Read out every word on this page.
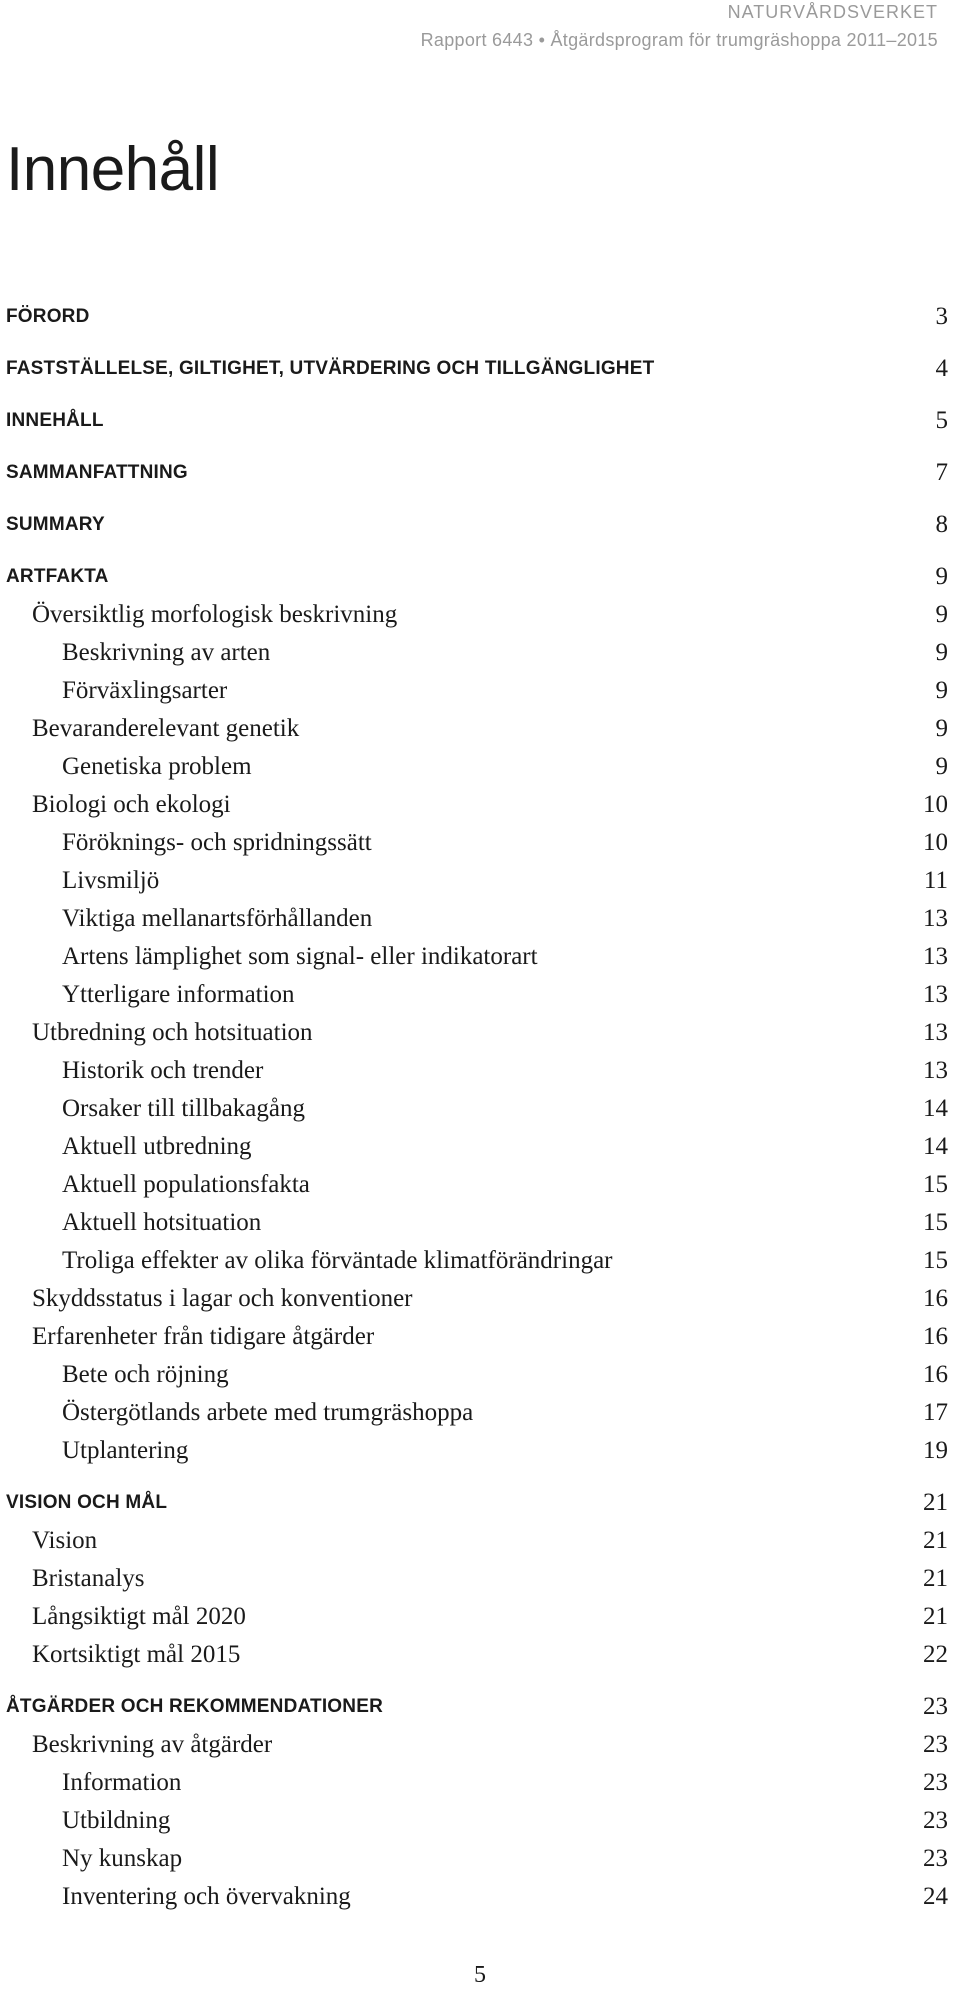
NATURVÅRDSVERKET
Rapport 6443 • Åtgärdsprogram för trumgräshoppa 2011–2015
Innehåll
FÖRORD	3
FASTSTÄLLELSE, GILTIGHET, UTVÄRDERING OCH TILLGÄNGLIGHET	4
INNEHÅLL	5
SAMMANFATTNING	7
SUMMARY	8
ARTFAKTA	9
Översiktlig morfologisk beskrivning	9
Beskrivning av arten	9
Förväxlingsarter	9
Bevaranderelevant genetik	9
Genetiska problem	9
Biologi och ekologi	10
Föröknings- och spridningssätt	10
Livsmiljö	11
Viktiga mellanartsförhållanden	13
Artens lämplighet som signal- eller indikatorart	13
Ytterligare information	13
Utbredning och hotsituation	13
Historik och trender	13
Orsaker till tillbakagång	14
Aktuell utbredning	14
Aktuell populationsfakta	15
Aktuell hotsituation	15
Troliga effekter av olika förväntade klimatförändringar	15
Skyddsstatus i lagar och konventioner	16
Erfarenheter från tidigare åtgärder	16
Bete och röjning	16
Östergötlands arbete med trumgräshoppa	17
Utplantering	19
VISION OCH MÅL	21
Vision	21
Bristanalys	21
Långsiktigt mål 2020	21
Kortsiktigt mål 2015	22
ÅTGÄRDER OCH REKOMMENDATIONER	23
Beskrivning av åtgärder	23
Information	23
Utbildning	23
Ny kunskap	23
Inventering och övervakning	24
5
